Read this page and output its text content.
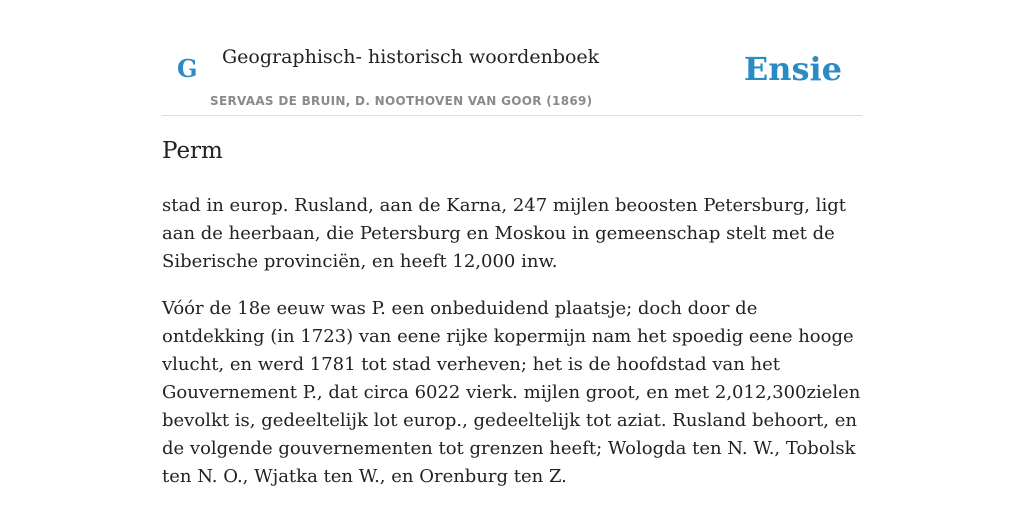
G Geographisch- historisch woordenboek
SERVAAS DE BRUIN, D. NOOTHOVEN VAN GOOR (1869)
Ensie
Perm

stad in europ. Rusland, aan de Karna, 247 mijlen beoosten Petersburg, ligt aan de heerbaan, die Petersburg en Moskou in gemeenschap stelt met de Siberische provinciën, en heeft 12,000 inw.

Vóór de 18e eeuw was P. een onbeduidend plaatsje; doch door de ontdekking (in 1723) van eene rijke kopermijn nam het spoedig eene hooge vlucht, en werd 1781 tot stad verheven; het is de hoofdstad van het Gouvernement P., dat circa 6022 vierk. mijlen groot, en met 2,012,300zielen bevolkt is, gedeeltelijk lot europ., gedeeltelijk tot aziat. Rusland behoort, en de volgende gouvernementen tot grenzen heeft; Wologda ten N. W., Tobolsk ten N. O., Wjatka ten W., en Orenburg ten Z.
